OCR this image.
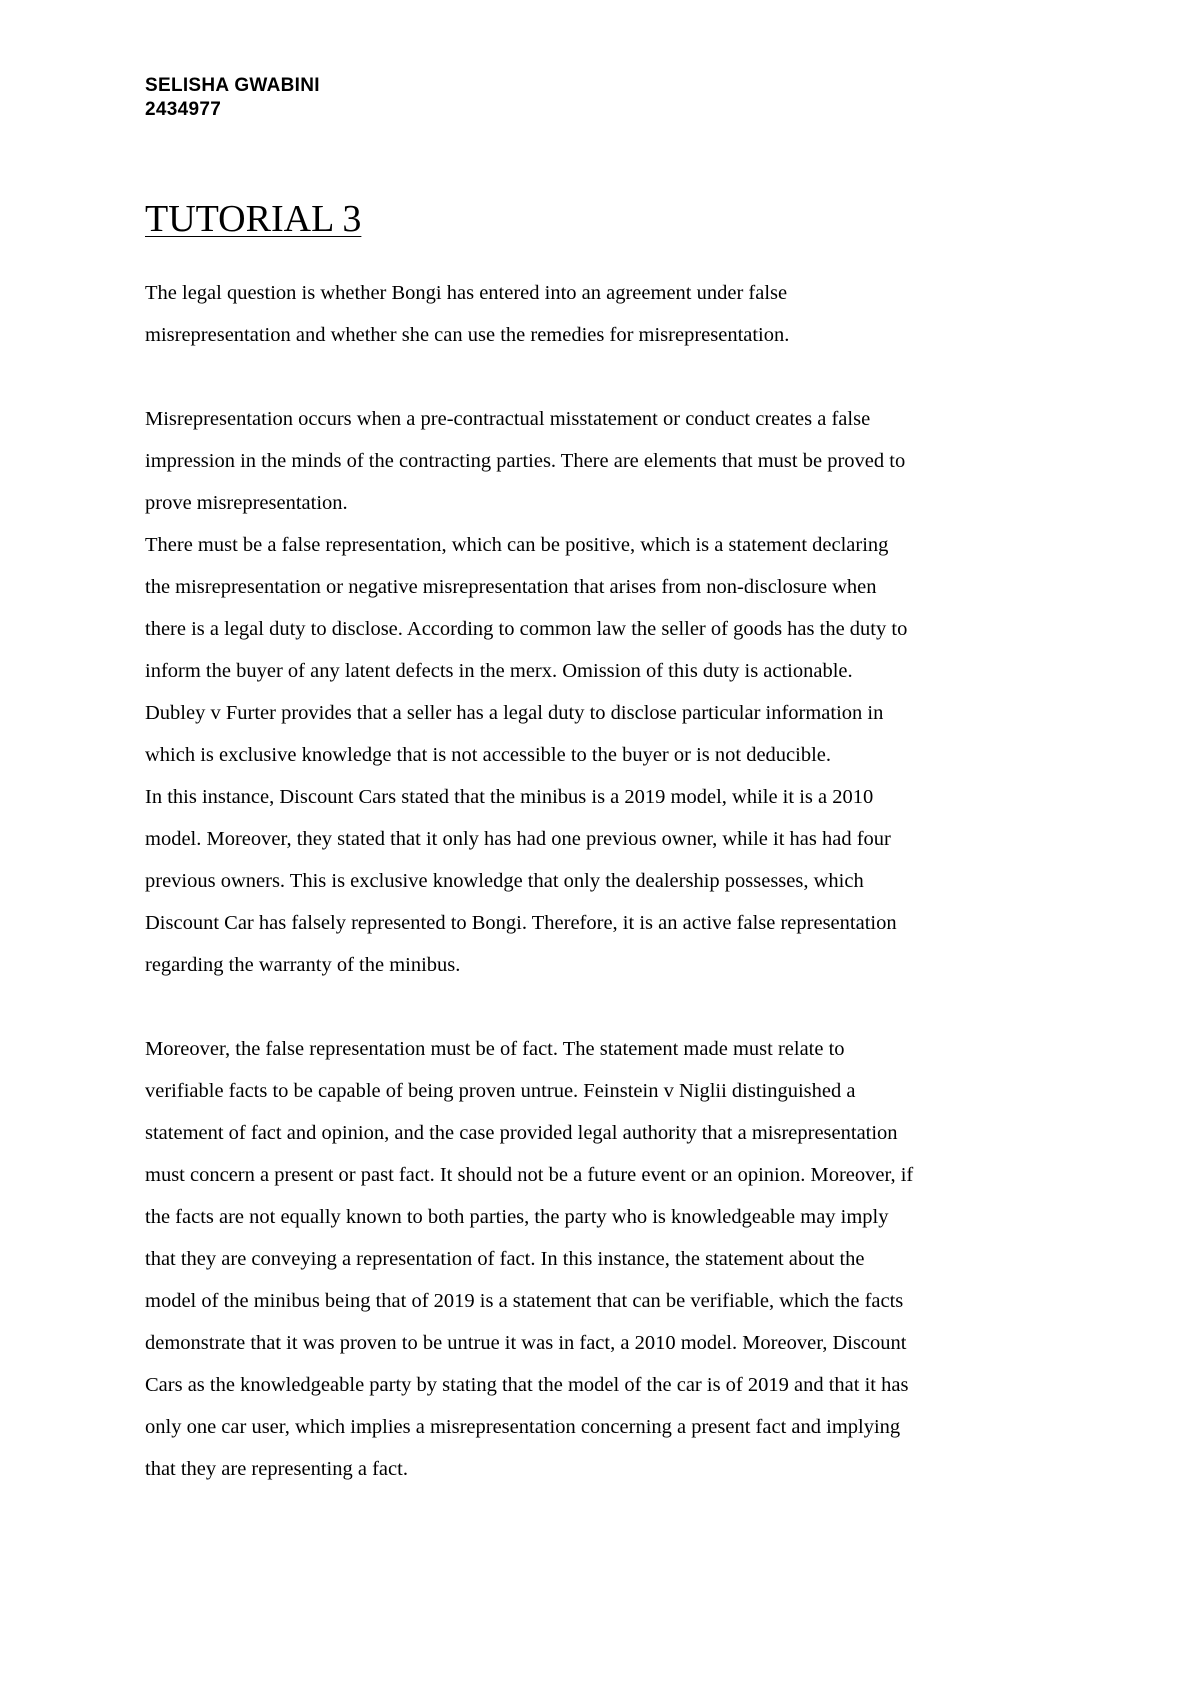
SELISHA GWABINI
2434977
TUTORIAL 3
The legal question is whether Bongi has entered into an agreement under false
misrepresentation and whether she can use the remedies for misrepresentation.
Misrepresentation occurs when a pre-contractual misstatement or conduct creates a false
impression in the minds of the contracting parties. There are elements that must be proved to
prove misrepresentation.
There must be a false representation, which can be positive, which is a statement declaring
the misrepresentation or negative misrepresentation that arises from non-disclosure when
there is a legal duty to disclose. According to common law the seller of goods has the duty to
inform the buyer of any latent defects in the merx. Omission of this duty is actionable.
Dubley v Furter provides that a seller has a legal duty to disclose particular information in
which is exclusive knowledge that is not accessible to the buyer or is not deducible.
In this instance, Discount Cars stated that the minibus is a 2019 model, while it is a 2010
model. Moreover, they stated that it only has had one previous owner, while it has had four
previous owners. This is exclusive knowledge that only the dealership possesses, which
Discount Car has falsely represented to Bongi. Therefore, it is an active false representation
regarding the warranty of the minibus.
Moreover, the false representation must be of fact. The statement made must relate to
verifiable facts to be capable of being proven untrue. Feinstein v Niglii distinguished a
statement of fact and opinion, and the case provided legal authority that a misrepresentation
must concern a present or past fact. It should not be a future event or an opinion. Moreover, if
the facts are not equally known to both parties, the party who is knowledgeable may imply
that they are conveying a representation of fact. In this instance, the statement about the
model of the minibus being that of 2019 is a statement that can be verifiable, which the facts
demonstrate that it was proven to be untrue it was in fact, a 2010 model. Moreover, Discount
Cars as the knowledgeable party by stating that the model of the car is of 2019 and that it has
only one car user, which implies a misrepresentation concerning a present fact and implying
that they are representing a fact.
